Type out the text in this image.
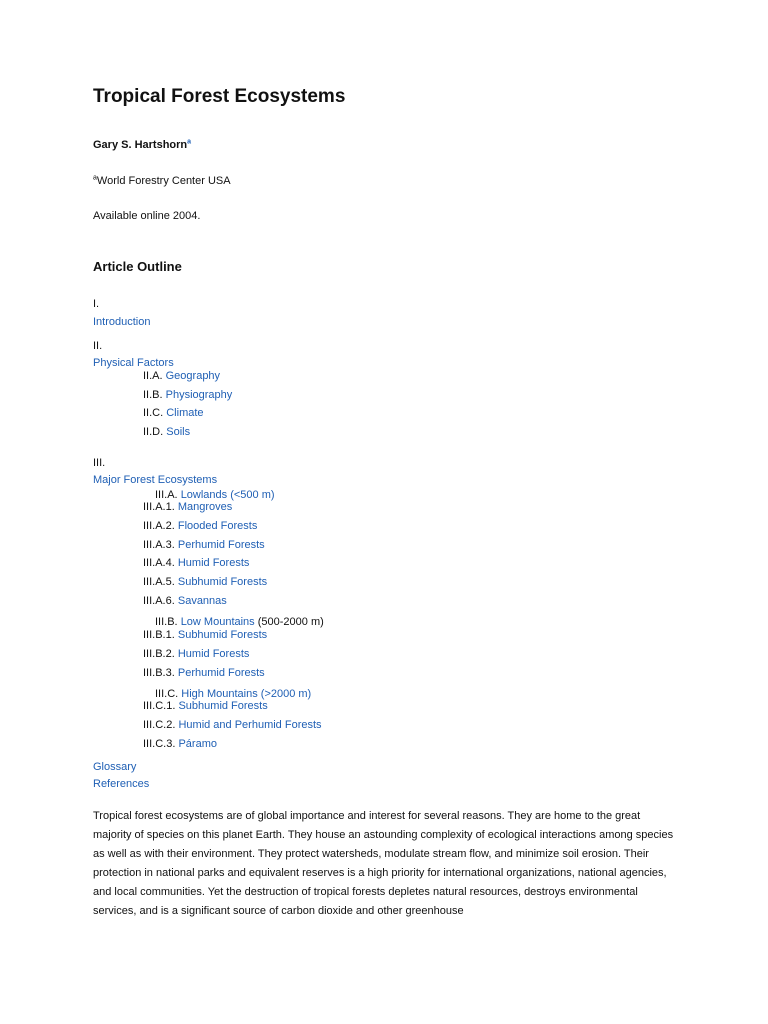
Tropical Forest Ecosystems
Gary S. Hartshorn$^a$
$^a$World Forestry Center USA
Available online 2004.
Article Outline
I.
Introduction
II.
Physical Factors
II.A. Geography
II.B. Physiography
II.C. Climate
II.D. Soils
III.
Major Forest Ecosystems
III.A. Lowlands (<500 m)
III.A.1. Mangroves
III.A.2. Flooded Forests
III.A.3. Perhumid Forests
III.A.4. Humid Forests
III.A.5. Subhumid Forests
III.A.6. Savannas
III.B. Low Mountains (500-2000 m)
III.B.1. Subhumid Forests
III.B.2. Humid Forests
III.B.3. Perhumid Forests
III.C. High Mountains (>2000 m)
III.C.1. Subhumid Forests
III.C.2. Humid and Perhumid Forests
III.C.3. Páramo
Glossary
References

Tropical forest ecosystems are of global importance and interest for several reasons. They are home to the great majority of species on this planet Earth. They house an astounding complexity of ecological interactions among species as well as with their environment. They protect watersheds, modulate stream flow, and minimize soil erosion. Their protection in national parks and equivalent reserves is a high priority for international organizations, national agencies, and local communities. Yet the destruction of tropical forests depletes natural resources, destroys environmental services, and is a significant source of carbon dioxide and other greenhouse
